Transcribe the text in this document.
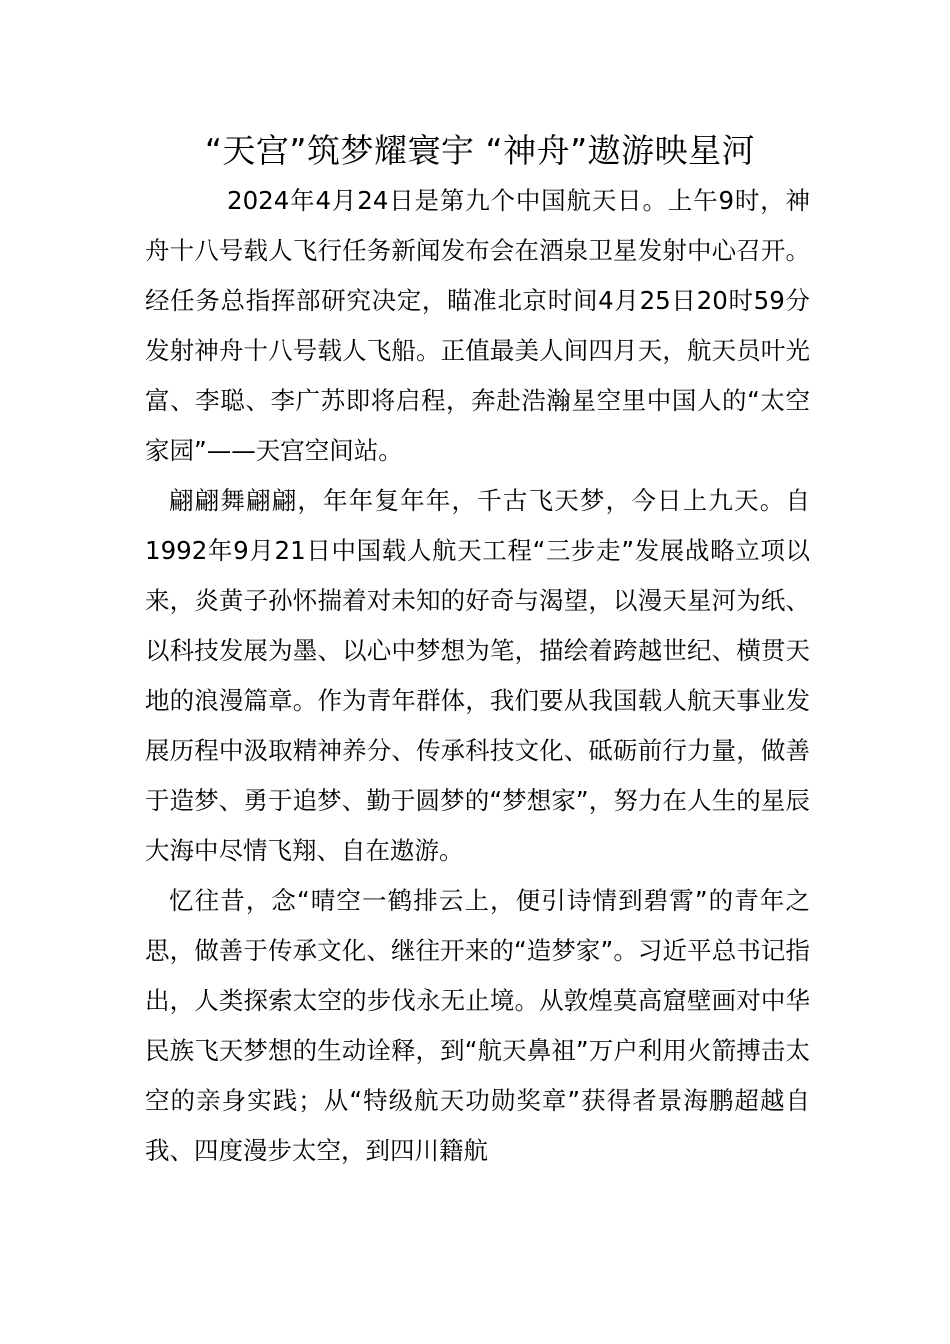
“天宫”筑梦耀寰宇 “神舟”遨游映星河

2024年4月24日是第九个中国航天日。上午9时，神舟十八号载人飞行任务新闻发布会在酒泉卫星发射中心召开。经任务总指挥部研究决定，瞄准北京时间4月25日20时59分发射神舟十八号载人飞船。正值最美人间四月天，航天员叶光富、李聪、李广苏即将启程，奔赴浩瀚星空里中国人的“太空家园”——天宫空间站。

翩翩舞翩翩，年年复年年，千古飞天梦，今日上九天。自1992年9月21日中国载人航天工程“三步走”发展战略立项以来，炎黄子孙怀揣着对未知的好奇与渴望，以漫天星河为纸、以科技发展为墨、以心中梦想为笔，描绘着跨越世纪、横贯天地的浪漫篇章。作为青年群体，我们要从我国载人航天事业发展历程中汲取精神养分、传承科技文化、砥砺前行力量，做善于造梦、勇于追梦、勤于圆梦的“梦想家”，努力在人生的星辰大海中尽情飞翔、自在遨游。

忆往昔，念“晴空一鹤排云上，便引诗情到碧霄”的青年之思，做善于传承文化、继往开来的“造梦家”。习近平总书记指出，人类探索太空的步伐永无止境。从敦煌莫高窟壁画对中华民族飞天梦想的生动诠释，到“航天鼻祖”万户利用火箭搏击太空的亲身实践；从“特级航天功勋奖章”获得者景海鹏超越自我、四度漫步太空，到四川籍航
